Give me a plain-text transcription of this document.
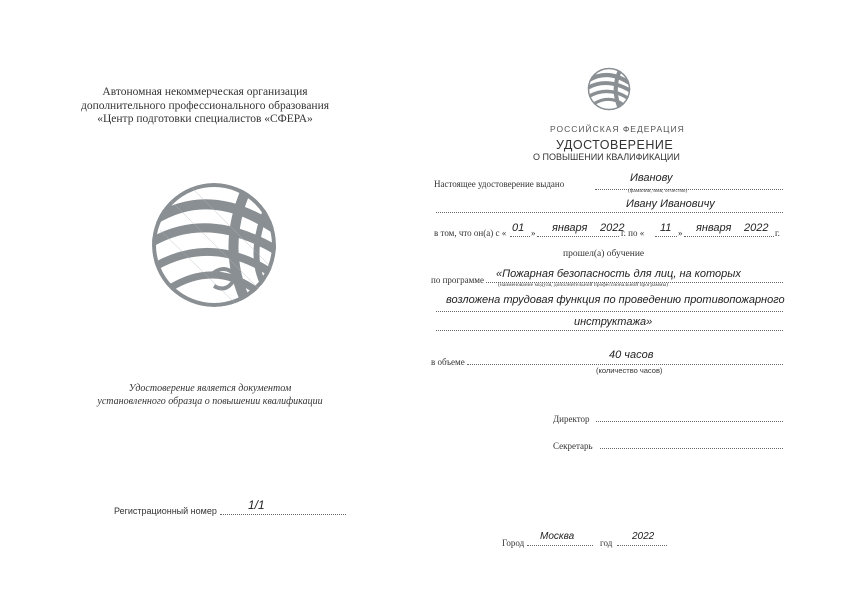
Автономная некоммерческая организация
дополнительного профессионального образования
«Центр подготовки специалистов «СФЕРА»
Удостоверение является документом
установленного образца о повышении квалификации
Регистрационный номер	1/1
РОССИЙСКАЯ ФЕДЕРАЦИЯ
УДОСТОВЕРЕНИЕ
О ПОВЫШЕНИИ КВАЛИФИКАЦИИ
Настоящее удостоверение выдано	Иванову
(фамилия, имя, отчество)
Ивану Ивановичу
в том, что он(а) с « 01 » января 2022
г. по « 11 » января 2022 г.
прошел(а) обучение
по программе «Пожарная безопасность для лиц, на которых
(наименование модуля, дополнительной профессиональной программы)
возложена трудовая функция по проведению противопожарного
инструктажа»
в объеме
40 часов
(количество часов)
Директор
Секретарь
Город
Москва
год
2022
